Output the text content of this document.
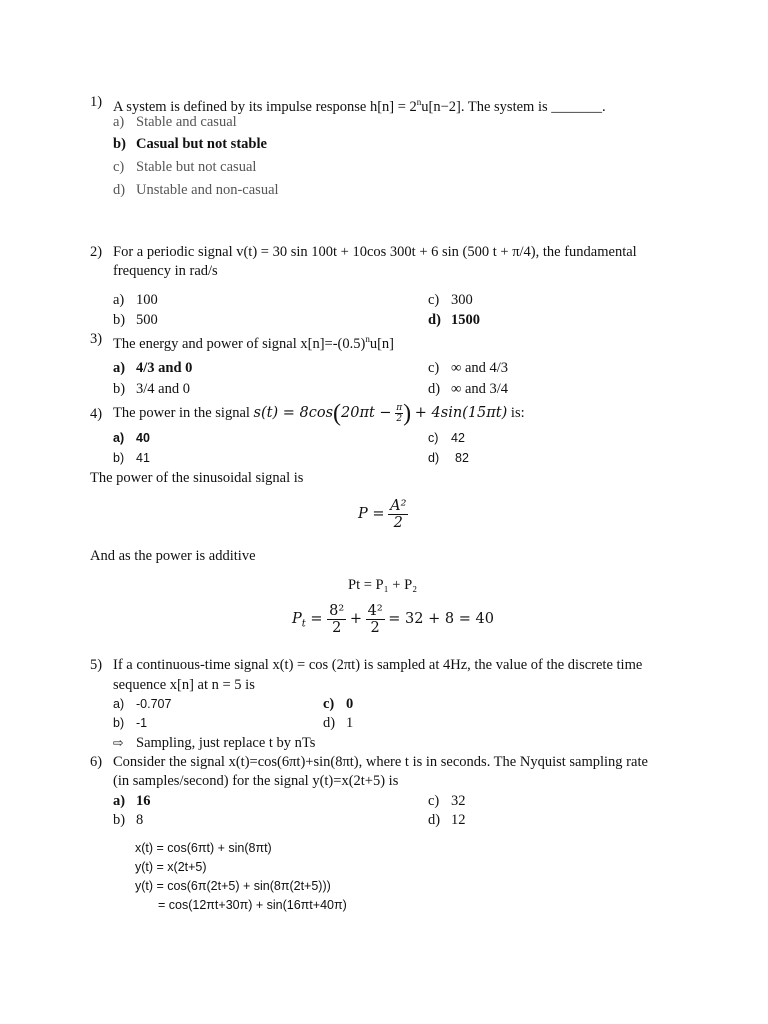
1) A system is defined by its impulse response $h[n] = 2^nu[n-2]$. The system is _______.
a) Stable and casual
b) Casual but not stable
c) Stable but not casual
d) Unstable and non-casual
2) For a periodic signal v(t) = 30 sin 100t + 10cos 300t + 6 sin (500 t + π/4), the fundamental
frequency in rad/s
a) 100
b) 500
c) 300
d) 1500
3) The energy and power of signal $x[n]=-(0.5)^nu[n]$
a) 4/3 and 0
b) 3/4 and 0
c) ∞ and 4/3
d) ∞ and 3/4
4) The power in the signal $s(t) = 8\cos(20\pi t - \frac{\pi}{2}$ ) + 4sin(15πt) is:
a) 40
b) 41
c) 42
d) 82
The power of the sinusoidal signal is
$P = \frac{\text{A²}}{2}$
And as the power is additive
Pt = P₁ + P₂
$P_t = \frac{\text{8²}}{2} + \frac{\text{4²}}{2} = 32 + 8 = 40$
5) If a continuous-time signal x(t) = cos (2πt) is sampled at 4Hz, the value of the discrete time
sequence x[n] at n = 5 is
a) -0.707
b) -1
c) 0
d) 1
⇨ Sampling, just replace t by nTs
6) Consider the signal x(t)=cos(6πt)+sin(8πt), where t is in seconds. The Nyquist sampling rate
(in samples/second) for the signal y(t)=x(2t+5) is
a) 16
b) 8
c) 32
d) 12
x(t) = cos(6πt) + sin(8πt)
y(t) = x(2t+5)
y(t) = cos(6π(2t+5) + sin(8π(2t+5)))
= cos(12πt+30π) + sin(16πt+40π)
